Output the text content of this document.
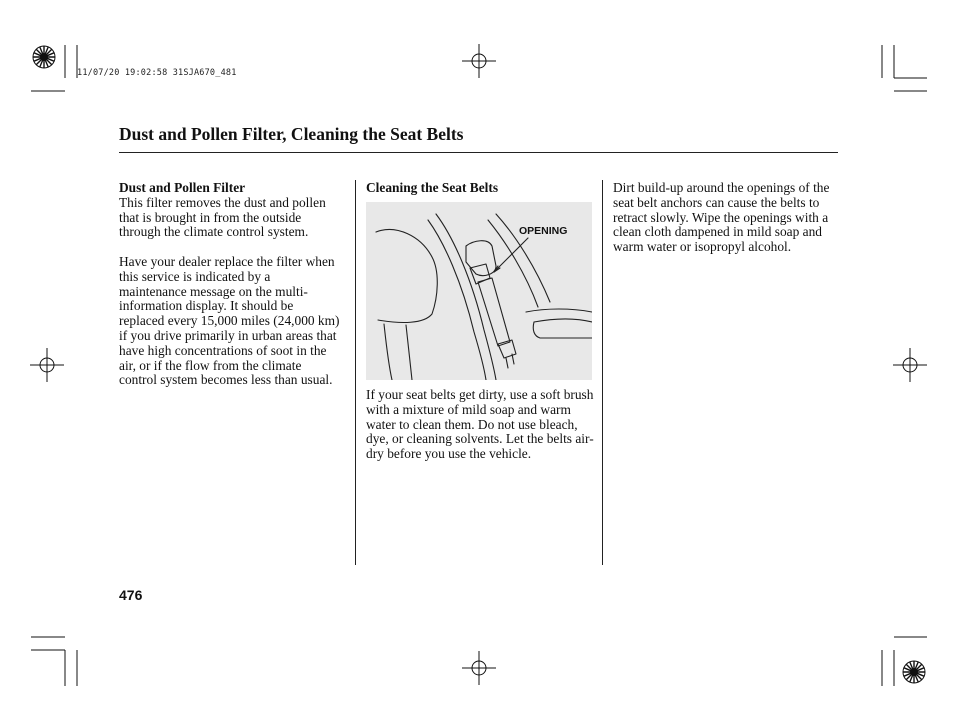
11/07/20 19:02:58 31SJA670_481
Dust and Pollen Filter, Cleaning the Seat Belts

Dust and Pollen Filter

This filter removes the dust and pollen that is brought in from the outside through the climate control system.

Have your dealer replace the filter when this service is indicated by a maintenance message on the multi-information display. It should be replaced every 15,000 miles (24,000 km) if you drive primarily in urban areas that have high concentrations of soot in the air, or if the flow from the climate control system becomes less than usual.

Cleaning the Seat Belts

OPENING

If your seat belts get dirty, use a soft brush with a mixture of mild soap and warm water to clean them. Do not use bleach, dye, or cleaning solvents. Let the belts air-dry before you use the vehicle.

Dirt build-up around the openings of the seat belt anchors can cause the belts to retract slowly. Wipe the openings with a clean cloth dampened in mild soap and warm water or isopropyl alcohol.

476
